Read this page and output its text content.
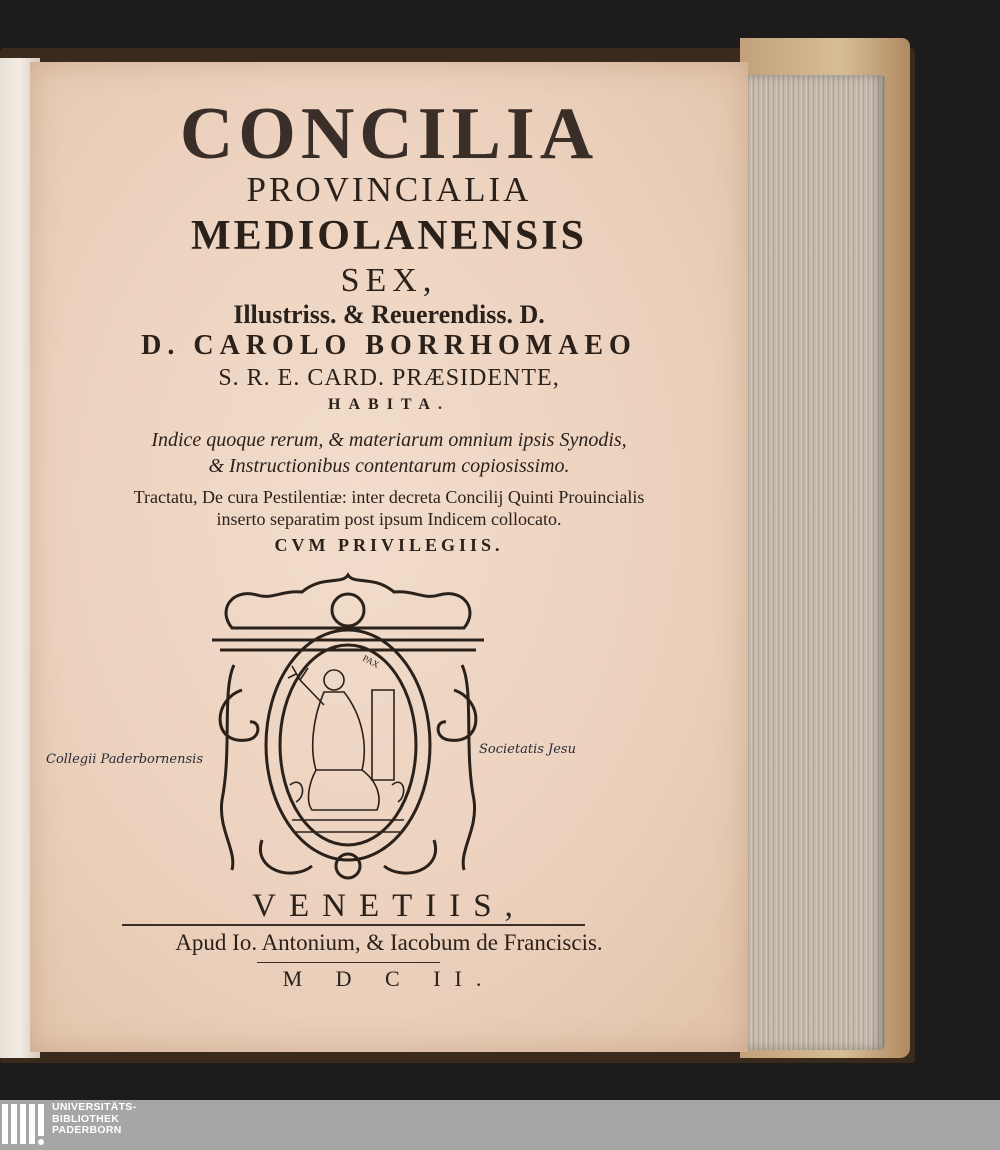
CONCILIA
PROVINCIALIA
MEDIOLANENSIS
SEX,
Illustriss. & Reuerendiss. D.
D. CAROLO BORRHOMAEO
S. R. E. CARD. PRÆSIDENTE,
HABITA.
Indice quoque rerum, & materiarum omnium ipsis Synodis,
& Instructionibus contentarum copiosissimo.
Tractatu, De cura Pestilentiæ: inter decreta Concilij Quinti Prouincialis
inserto separatim post ipsum Indicem collocato.
CVM PRIVILEGIIS.
PAX
VENETIIS,
Apud Io. Antonium, & Iacobum de Franciscis.
M D C II.
Collegii Paderbornensis
Societatis Jesu
UNIVERSITÄTS-
BIBLIOTHEK
PADERBORN
